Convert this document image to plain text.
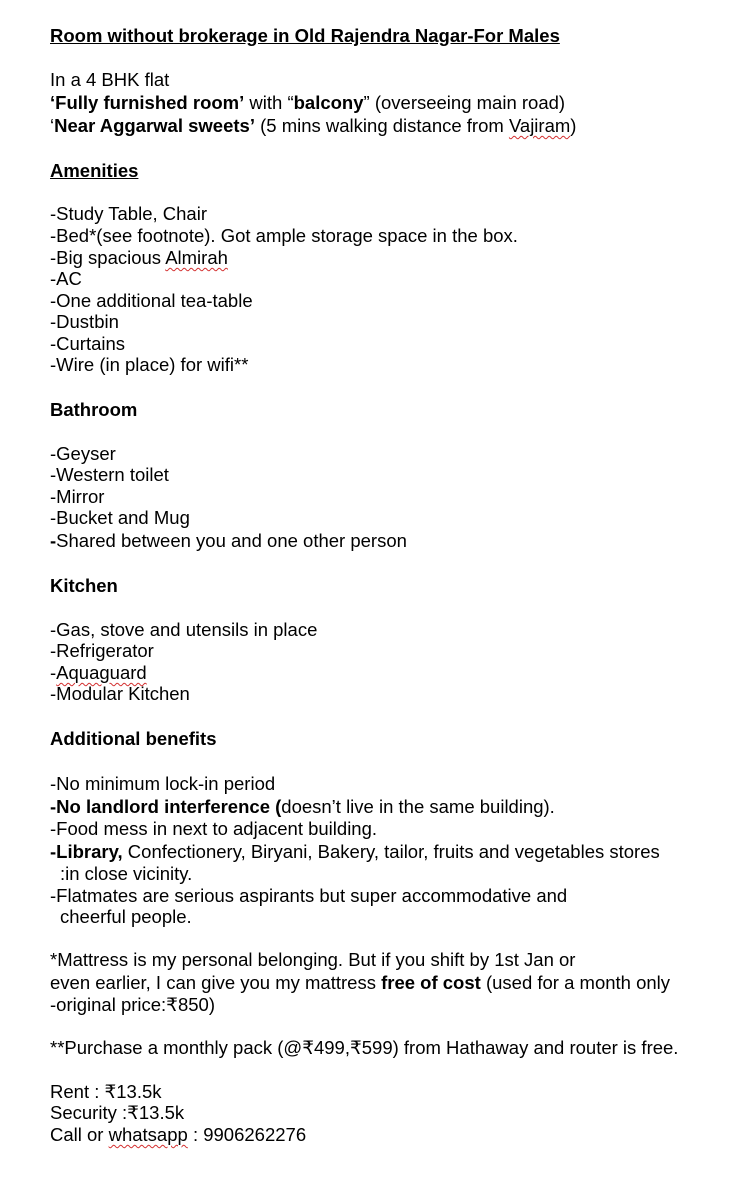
Room without brokerage in Old Rajendra Nagar-For Males
In a 4 BHK flat
‘Fully furnished room’ with “balcony” (overseeing main road)
‘Near Aggarwal sweets’ (5 mins walking distance from Vajiram)
Amenities
-Study Table, Chair
-Bed*(see footnote). Got ample storage space in the box.
-Big spacious Almirah
-AC
-One additional tea-table
-Dustbin
-Curtains
-Wire (in place) for wifi**
Bathroom
-Geyser
-Western toilet
-Mirror
-Bucket and Mug
-Shared between you and one other person
Kitchen
-Gas, stove and utensils in place
-Refrigerator
-Aquaguard
-Modular Kitchen
Additional benefits
-No minimum lock-in period
-No landlord interference (doesn’t live in the same building).
-Food mess in next to adjacent building.
-Library, Confectionery, Biryani, Bakery, tailor, fruits and vegetables stores
:in close vicinity.
-Flatmates are serious aspirants but super accommodative and
cheerful people.
*Mattress is my personal belonging. But if you shift by 1st Jan or
even earlier, I can give you my mattress free of cost (used for a month only
-original price:₹850)
**Purchase a monthly pack (@₹499,₹599) from Hathaway and router is free.
Rent : ₹13.5k
Security :₹13.5k
Call or whatsapp : 9906262276
